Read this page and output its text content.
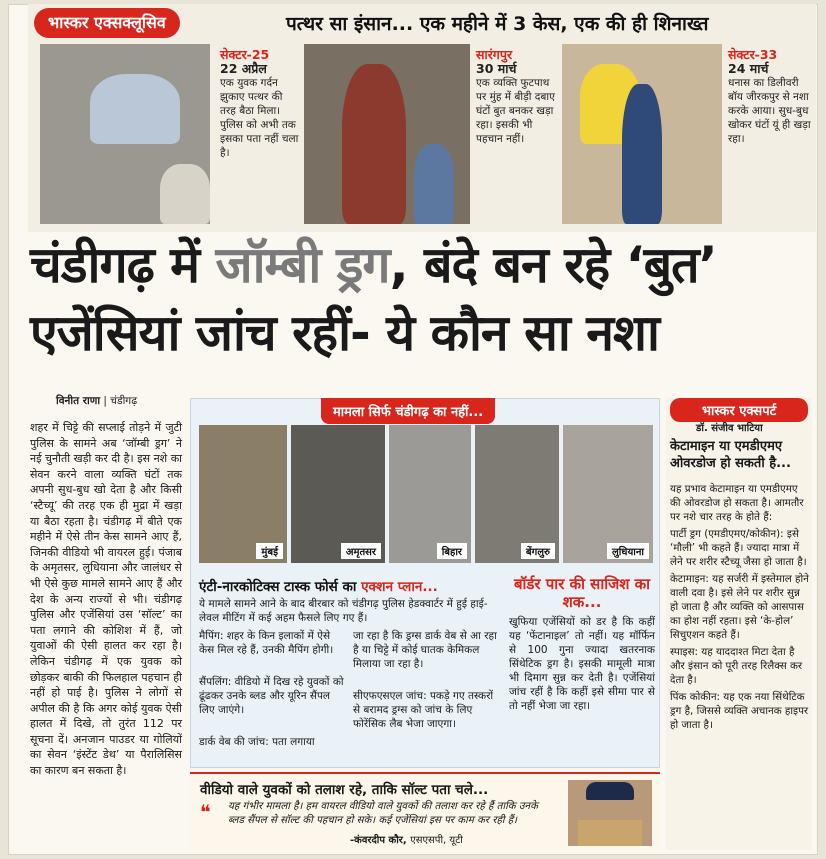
भास्कर एक्सक्लूसिव	पत्थर सा इंसान... एक महीने में 3 केस, एक की ही शिनाख्त
सेक्टर-25
22 अप्रैल
एक युवक गर्दन झुकाए पत्थर की तरह बैठा मिला। पुलिस को अभी तक इसका पता नहीं चला है।
सारंगपुर
30 मार्च
एक व्यक्ति फुटपाथ पर मुंह में बीड़ी दबाए घंटों बुत बनकर खड़ा रहा। इसकी भी पहचान नहीं।
सेक्टर-33
24 मार्च
धनास का डिलीवरी बॉय जीरकपुर से नशा करके आया। सुध-बुध खोकर घंटों यूं ही खड़ा रहा।
चंडीगढ़ में जॉम्बी ड्रग, बंदे बन रहे ‘बुत’
एजेंसियां जांच रहीं- ये कौन सा नशा
विनीत राणा | चंडीगढ़
शहर में चिट्टे की सप्लाई तोड़ने में जुटी पुलिस के सामने अब ‘जॉम्बी ड्रग’ ने नई चुनौती खड़ी कर दी है। इस नशे का सेवन करने वाला व्यक्ति घंटों तक अपनी सुध-बुध खो देता है और किसी ‘स्टैच्यू’ की तरह एक ही मुद्रा में खड़ा या बैठा रहता है। चंडीगढ़ में बीते एक महीने में ऐसे तीन केस सामने आए हैं, जिनकी वीडियो भी वायरल हुई। पंजाब के अमृतसर, लुधियाना और जालंधर से भी ऐसे कुछ मामले सामने आए हैं और देश के अन्य राज्यों से भी। चंडीगढ़ पुलिस और एजेंसियां उस ‘सॉल्ट’ का पता लगाने की कोशिश में हैं, जो युवाओं की ऐसी हालत कर रहा है। लेकिन चंडीगढ़ में एक युवक को छोड़कर बाकी की फिलहाल पहचान ही नहीं हो पाई है। पुलिस ने लोगों से अपील की है कि अगर कोई युवक ऐसी हालत में दिखे, तो तुरंत 112 पर सूचना दें। अनजान पाउडर या गोलियों का सेवन ‘इंस्टेंट डेथ’ या पैरालिसिस का कारण बन सकता है।
मामला सिर्फ चंडीगढ़ का नहीं...
मुंबई	अमृतसर	बिहार	बेंगलुरु	लुधियाना
एंटी-नारकोटिक्स टास्क फोर्स का एक्शन प्लान...
ये मामले सामने आने के बाद बीरबार को चंडीगढ़ पुलिस हेडक्वार्टर में हुई हाई-लेवल मीटिंग में कई अहम फैसले लिए गए हैं।
मैपिंग: शहर के किन इलाकों में ऐसे केस मिल रहे हैं, उनकी मैपिंग होगी।
सैंपलिंग: वीडियो में दिख रहे युवकों को ढूंढकर उनके ब्लड और यूरिन सैंपल लिए जाएंगे।
डार्क वेब की जांच: पता लगाया
जा रहा है कि ड्रग्स डार्क वेब से आ रहा है या चिट्टे में कोई घातक केमिकल मिलाया जा रहा है।
सीएफएसएल जांच: पकड़े गए तस्करों से बरामद ड्रग्स को जांच के लिए फोरेंसिक लैब भेजा जाएगा।
बॉर्डर पार की साजिश का शक...
खुफिया एजेंसियों को डर है कि कहीं यह ‘फेंटानाइल’ तो नहीं। यह मॉर्फिन से 100 गुना ज्यादा खतरनाक सिंथेटिक ड्रग है। इसकी मामूली मात्रा भी दिमाग सुन्न कर देती है। एजेंसियां जांच रहीं है कि कहीं इसे सीमा पार से तो नहीं भेजा जा रहा।
भास्कर एक्सपर्ट
डॉ. संजीव भाटिया
केटामाइन या एमडीएमए ओवरडोज हो सकती है...
यह प्रभाव केटामाइन या एमडीएमए की ओवरडोज हो सकता है। आमतौर पर नशे चार तरह के होते हैं:
पार्टी ड्रग (एमडीएमए/कोकीन): इसे ‘मौली’ भी कहते हैं। ज्यादा मात्रा में लेने पर शरीर स्टैच्यू जैसा हो जाता है।
केटामाइन: यह सर्जरी में इस्तेमाल होने वाली दवा है। इसे लेने पर शरीर सुन्न हो जाता है और व्यक्ति को आसपास का होश नहीं रहता। इसे ‘के-होल’ सिचुएशन कहते हैं।
स्पाइस: यह याददाश्त मिटा देता है और इंसान को पूरी तरह रिलैक्स कर देता है।
पिंक कोकीन: यह एक नया सिंथेटिक ड्रग है, जिससे व्यक्ति अचानक हाइपर हो जाता है।
वीडियो वाले युवकों को तलाश रहे, ताकि सॉल्ट पता चले...
❝ यह गंभीर मामला है। हम वायरल वीडियो वाले युवकों की तलाश कर रहे हैं ताकि उनके ब्लड सैंपल से सॉल्ट की पहचान हो सके। कई एजेंसियां इस पर काम कर रही हैं।
-कंवरदीप कौर, एसएसपी, यूटी
